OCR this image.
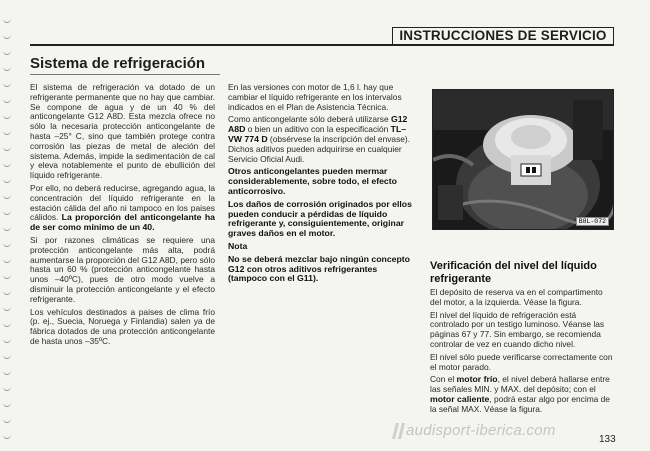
INSTRUCCIONES DE SERVICIO
Sistema de refrigeración

El sistema de refrigeración va dotado de un refrigerante permanente que no hay que cambiar. Se compone de agua y de un 40 % del anticongelante G12 A8D. Esta mezcla ofrece no sólo la necesaria protección anticongelante de hasta –25° C, sino que también protege contra corrosión las piezas de metal de aleción del sistema. Además, impide la sedimentación de cal y eleva notablemente el punto de ebullición del líquido refrigerante.

Por ello, no deberá reducirse, agregando agua, la concentración del líquido refrigerante en la estación cálida del año ni tampoco en los paises cálidos. La proporción del anticongelante ha de ser como mínimo de un 40.

Si por razones climáticas se requiere una protección anticongelante más alta, podrá aumentarse la proporción del G12 A8D, pero sólo hasta un 60 % (protección anticongelante hasta unos –40ºC), pues de otro modo vuelve a disminuir la protección anticongelante y el efecto refrigerante.

Los vehículos destinados a paises de clima frío (p. ej., Suecia, Noruega y Finlandia) salen ya de fábrica dotados de una protección anticongelante de hasta unos –35ºC.

En las versiones con motor de 1,6 l. hay que cambiar el líquido refrigerante en los intervalos indicados en el Plan de Asistencia Técnica.

Como anticongelante sólo deberá utilizarse G12 A8D o bien un aditivo con la especificación TL–VW 774 D (obsérvese la inscripción del envase). Dichos aditivos pueden adquirirse en cualquier Servicio Oficial Audi.

Otros anticongelantes pueden mermar considerablemente, sobre todo, el efecto anticorrosivo.

Los daños de corrosión originados por ellos pueden conducir a pérdidas de líquido refrigerante y, consiguientemente, originar graves daños en el motor.

Nota

No se deberá mezclar bajo ningún concepto G12 con otros aditivos refrigerantes (tampoco con el G11).

B8L-072

Verificación del nivel del líquido refrigerante

El depósito de reserva va en el compartimento del motor, a la izquierda. Véase la figura.

El nivel del líquido de refrigeración está controlado por un testigo luminoso. Véanse las páginas 67 y 77. Sin embargo, se recomienda controlar de vez en cuando dicho nivel.

El nivel sólo puede verificarse correctamente con el motor parado.

Con el motor frío, el nivel deberá hallarse entre las señales MIN. y MAX. del depósito; con el motor caliente, podrá estar algo por encima de la señal MAX. Véase la figura.

audisport-iberica.com
133
